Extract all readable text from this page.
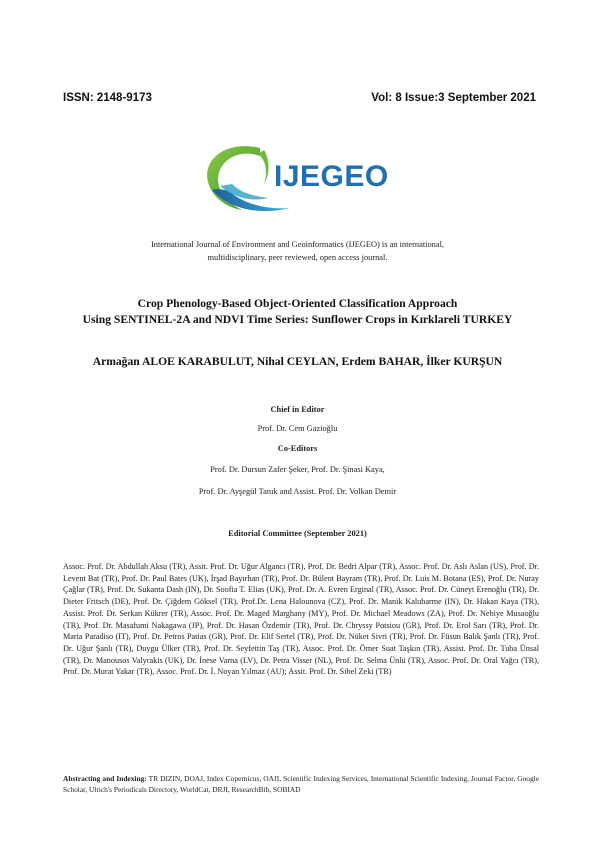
ISSN: 2148-9173	Vol: 8 Issue:3 September 2021
IJEGEO
International Journal of Environment and Geoinformatics (IJEGEO) is an international,
multidisciplinary, peer reviewed, open access journal.
Crop Phenology-Based Object-Oriented Classification Approach
Using SENTINEL-2A and NDVI Time Series: Sunflower Crops in Kırklareli TURKEY
Armağan ALOE KARABULUT, Nihal CEYLAN, Erdem BAHAR, İlker KURŞUN
Chief in Editor
Prof. Dr. Cem Gazioğlu
Co-Editors
Prof. Dr. Dursun Zafer Şeker, Prof. Dr. Şinasi Kaya,
Prof. Dr. Ayşegül Tanık and Assist. Prof. Dr. Volkan Demir
Editorial Committee (September 2021)
Assoc. Prof. Dr. Abdullah Aksu (TR), Assit. Prof. Dr. Uğur Algancı (TR), Prof. Dr. Bedri Alpar (TR), Assoc. Prof. Dr. Aslı Aslan (US), Prof. Dr. Levent Bat (TR), Prof. Dr. Paul Bates (UK), İrşad Bayırhan (TR), Prof. Dr. Bülent Bayram (TR), Prof. Dr. Luis M. Botana (ES), Prof. Dr. Nuray Çağlar (TR), Prof. Dr. Sukanta Dash (IN), Dr. Soofia T. Elias (UK), Prof. Dr. A. Evren Erginal (TR), Assoc. Prof. Dr. Cüneyt Erenoğlu (TR), Dr. Dieter Fritsch (DE), Prof. Dr. Çiğdem Göksel (TR), Prof.Dr. Lena Halounova (CZ), Prof. Dr. Manik Kalubarme (IN), Dr. Hakan Kaya (TR), Assist. Prof. Dr. Serkan Kükrer (TR), Assoc. Prof. Dr. Maged Marghany (MY), Prof. Dr. Michael Meadows (ZA), Prof. Dr. Nebiye Musaoğlu (TR), Prof. Dr. Masafumi Nakagawa (JP), Prof. Dr. Hasan Özdemir (TR), Prof. Dr. Chryssy Potsiou (GR), Prof. Dr. Erol Sarı (TR), Prof. Dr. Maria Paradiso (IT), Prof. Dr. Petros Patias (GR), Prof. Dr. Elif Sertel (TR), Prof. Dr. Nüket Sivri (TR), Prof. Dr. Füsun Balık Şanlı (TR), Prof. Dr. Uğur Şanlı (TR), Duygu Ülker (TR), Prof. Dr. Seyfettin Taş (TR), Assoc. Prof. Dr. Ömer Suat Taşkın (TR), Assist. Prof. Dr. Tuba Ünsal (TR), Dr. Manousos Valyrakis (UK), Dr. İnese Varna (LV), Dr. Petra Visser (NL), Prof. Dr. Selma Ünlü (TR), Assoc. Prof. Dr. Oral Yağcı (TR), Prof. Dr. Murat Yakar (TR), Assoc. Prof. Dr. İ. Noyan Yılmaz (AU); Assit. Prof. Dr. Sibel Zeki (TR)
Abstracting and Indexing: TR DIZIN, DOAJ, Index Copernicus, OAJI, Scientific Indexing Services, International Scientific Indexing, Journal Factor, Google Scholar, Ulrich's Periodicals Directory, WorldCat, DRJI, ResearchBib, SOBIAD
